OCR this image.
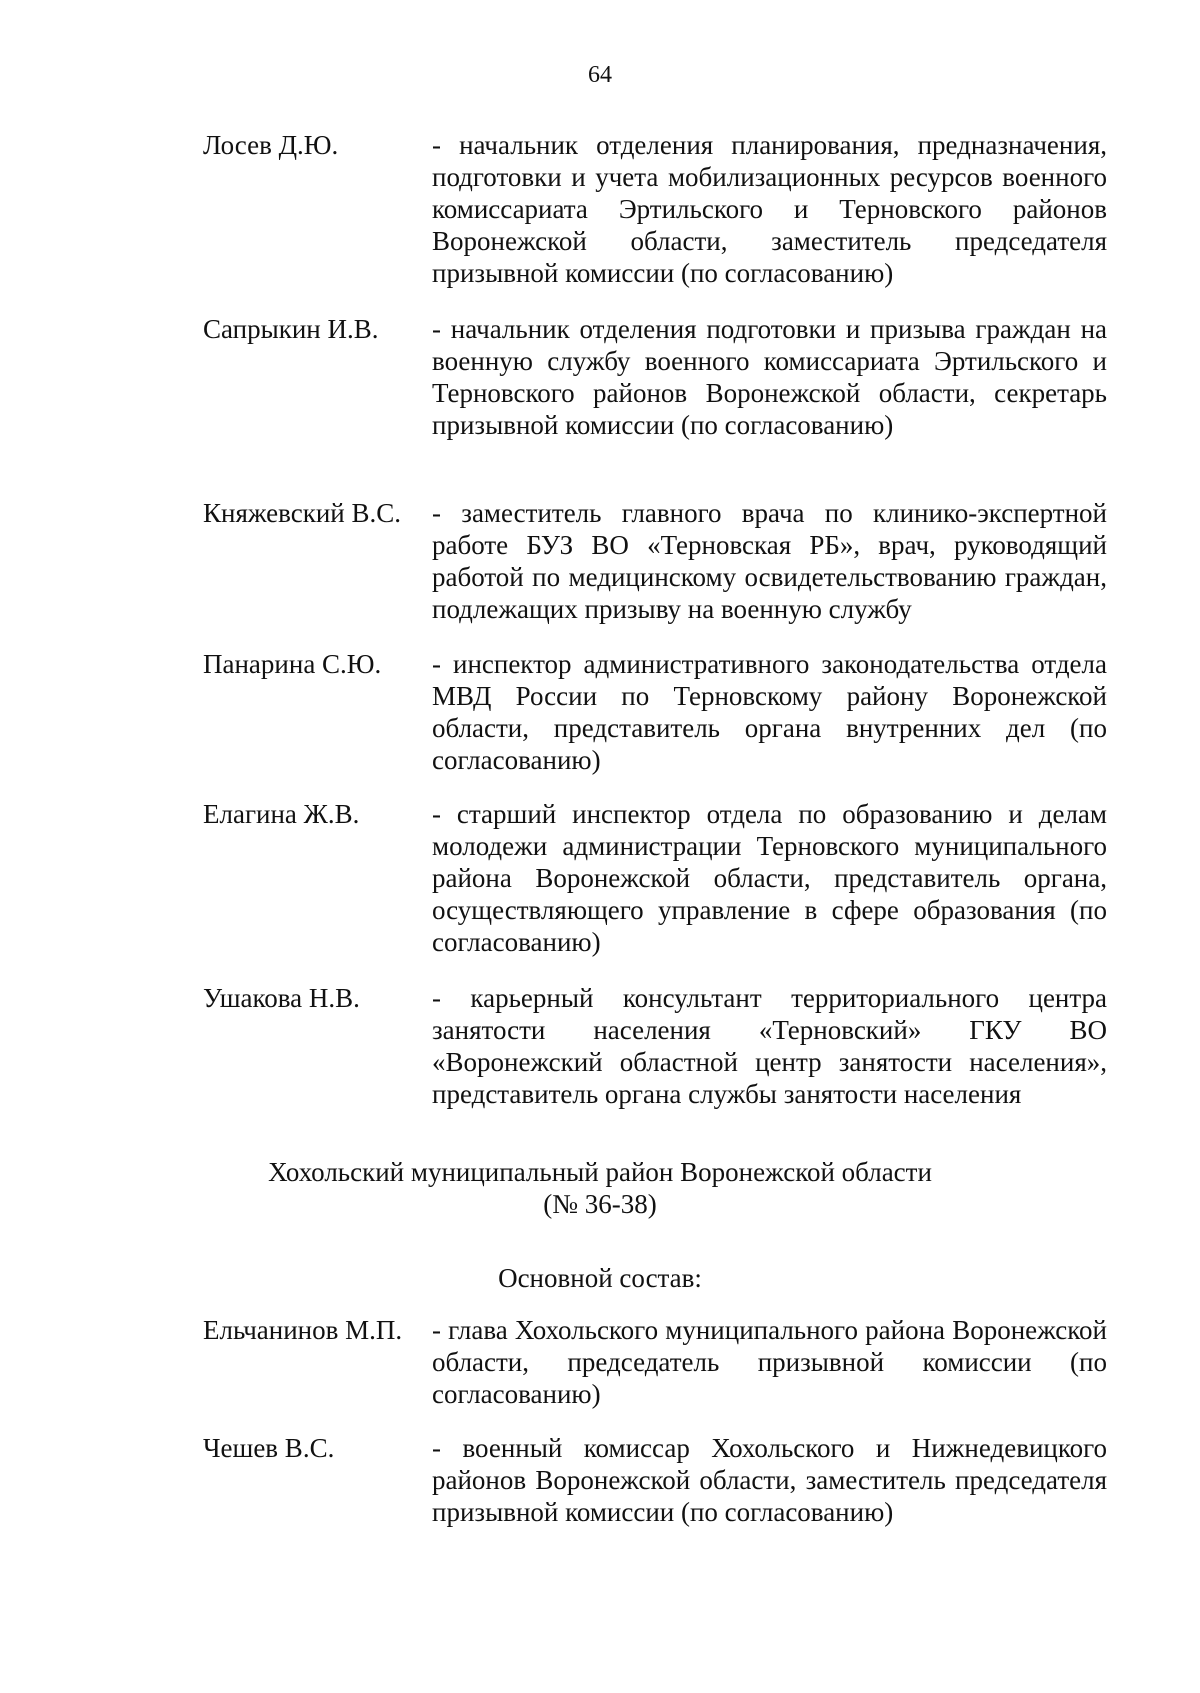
64
Лосев Д.Ю.	- начальник отделения планирования, предназначения, подготовки и учета мобилизационных ресурсов военного комиссариата Эртильского и Терновского районов Воронежской области, заместитель председателя призывной комиссии (по согласованию)
Сапрыкин И.В. - начальник отделения подготовки и призыва граждан на военную службу военного комиссариата Эртильского и Терновского районов Воронежской области, секретарь призывной комиссии (по согласованию)
Княжевский В.С. - заместитель главного врача по клинико-экспертной работе БУЗ ВО «Терновская РБ», врач, руководящий работой по медицинскому освидетельствованию граждан, подлежащих призыву на военную службу
Панарина С.Ю. - инспектор административного законодательства отдела МВД России по Терновскому району Воронежской области, представитель органа внутренних дел (по согласованию)
Елагина Ж.В.	- старший инспектор отдела по образованию и делам молодежи администрации Терновского муниципального района Воронежской области, представитель органа, осуществляющего управление в сфере образования (по согласованию)
Ушакова Н.В.	- карьерный консультант территориального центра занятости населения «Терновский» ГКУ ВО «Воронежский областной центр занятости населения», представитель органа службы занятости населения
Хохольский муниципальный район Воронежской области
(№ 36-38)
Основной состав:
Ельчанинов М.П. - глава Хохольского муниципального района Воронежской области, председатель призывной комиссии (по согласованию)
Чешев В.С.	- военный комиссар Хохольского и Нижнедевицкого районов Воронежской области, заместитель председателя призывной комиссии (по согласованию)
